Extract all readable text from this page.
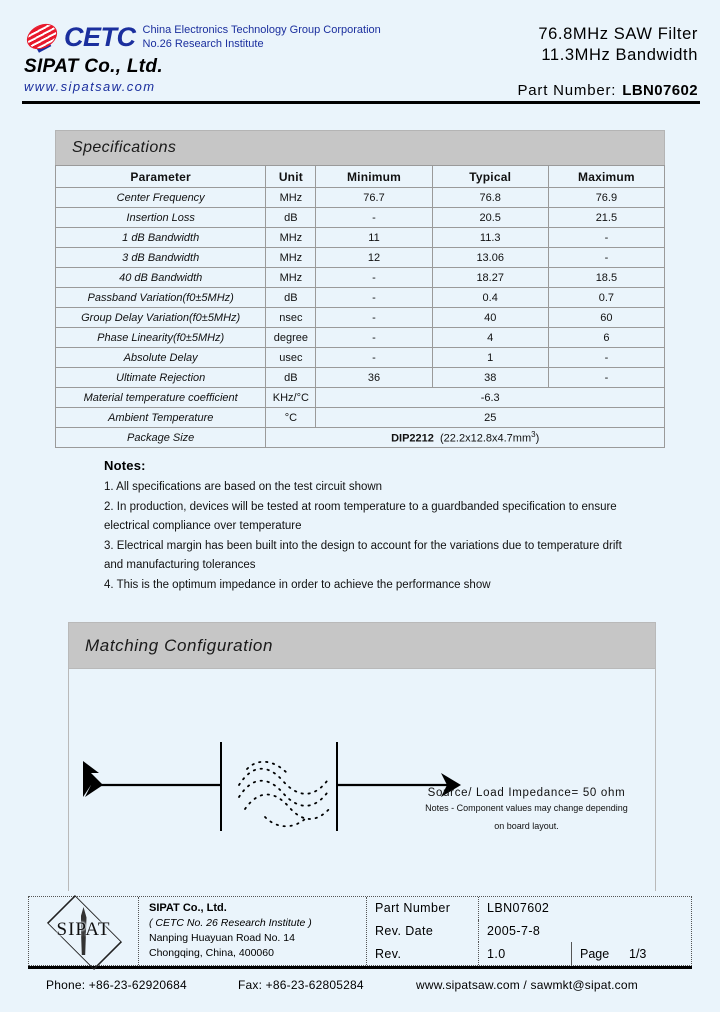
CETC China Electronics Technology Group Corporation
No.26 Research Institute
SIPAT Co., Ltd.
www.sipatsaw.com
76.8MHz SAW Filter
11.3MHz Bandwidth
Part Number: LBN07602
Specifications
Parameter	Unit	Minimum	Typical	Maximum
Center Frequency	MHz	76.7	76.8	76.9
Insertion Loss	dB	-	20.5	21.5
1 dB Bandwidth	MHz	11	11.3	-
3 dB Bandwidth	MHz	12	13.06	-
40 dB Bandwidth	MHz	-	18.27	18.5
Passband Variation(f0±5MHz)	dB	-	0.4	0.7
Group Delay Variation(f0±5MHz)	nsec	-	40	60
Phase Linearity(f0±5MHz)	degree	-	4	6
Absolute Delay	usec	-	1	-
Ultimate Rejection	dB	36	38	-
Material temperature coefficient	KHz/°C	-6.3		
Ambient Temperature	°C	25		
Package Size	DIP2212 $(22.2x12.8x4.7mm^3)$			
Notes:
1. All specifications are based on the test circuit shown
2. In production, devices will be tested at room temperature to a guardbanded specification to ensure
electrical compliance over temperature
3. Electrical margin has been built into the design to account for the variations due to temperature drift
and manufacturing tolerances
4. This is the optimum impedance in order to achieve the performance show
Matching Configuration
Source/ Load Impedance= 50 ohm
Notes - Component values may change depending
on board layout.
SIPAT
SIPAT Co., Ltd.
( CETC No. 26 Research Institute )
Nanping Huayuan Road No. 14
Chongqing, China, 400060
Part Number	LBN07602
Rev. Date	2005-7-8
Rev.	1.0	Page	1/3
Phone: +86-23-62920684	Fax: +86-23-62805284	www.sipatsaw.com / sawmkt@sipat.com
